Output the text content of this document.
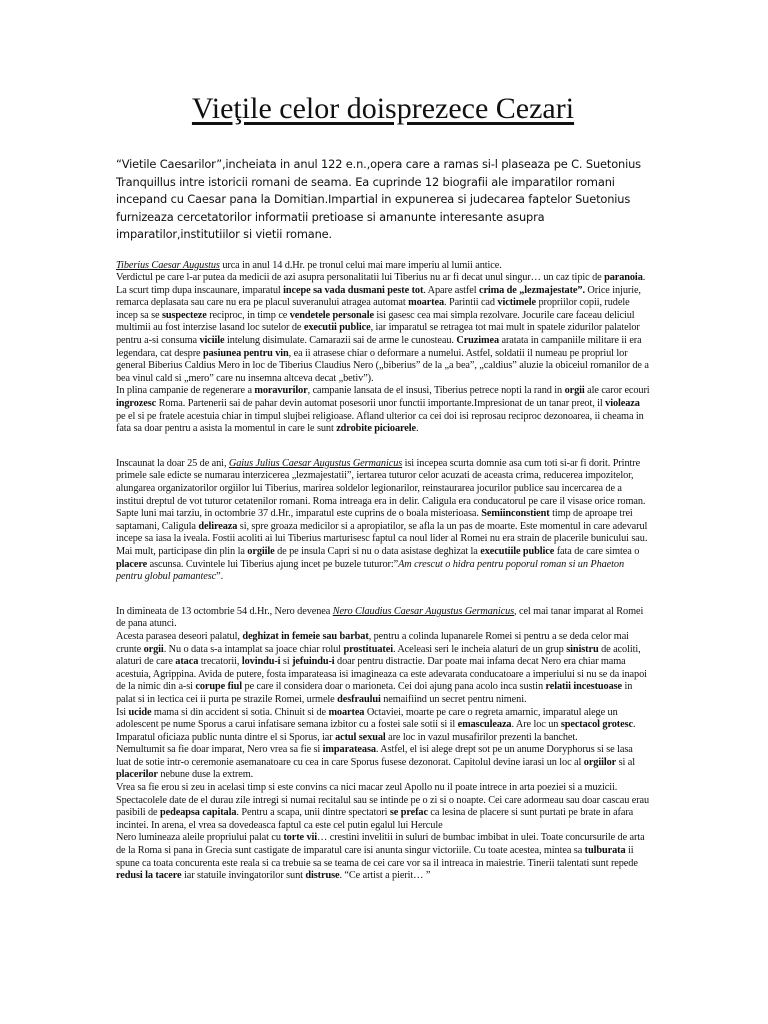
Vieţile celor doisprezece Cezari

“Vietile Caesarilor”,incheiata in anul 122 e.n.,opera care a ramas si-l plaseaza pe C. Suetonius Tranquillus intre istoricii romani de seama. Ea cuprinde 12 biografii ale imparatilor romani incepand cu Caesar pana la Domitian.Impartial in expunerea si judecarea faptelor Suetonius furnizeaza cercetatorilor informatii pretioase si amanunte interesante asupra imparatilor,institutiilor si vietii romane.

Tiberius Caesar Augustus urca in anul 14 d.Hr. pe tronul celui mai mare imperiu al lumii antice.

Verdictul pe care l-ar putea da medicii de azi asupra personalitatii lui Tiberius nu ar fi decat unul singur… un caz tipic de paranoia. La scurt timp dupa inscaunare, imparatul incepe sa vada dusmani peste tot. Apare astfel crima de „lezmajestate”. Orice injurie, remarca deplasata sau care nu era pe placul suveranului atragea automat moartea. Parintii cad victimele propriilor copii, rudele incep sa se suspecteze reciproc, in timp ce vendetele personale isi gasesc cea mai simpla rezolvare. Jocurile care faceau deliciul multimii au fost interzise lasand loc sutelor de executii publice, iar imparatul se retragea tot mai mult in spatele zidurilor palatelor pentru a-si consuma viciile intelung disimulate. Camarazii sai de arme le cunosteau. Cruzimea aratata in campaniile militare ii era legendara, cat despre pasiunea pentru vin, ea ii atrasese chiar o deformare a numelui. Astfel, soldatii il numeau pe propriul lor general Biberius Caldius Mero in loc de Tiberius Claudius Nero („biberius” de la „a bea”, „caldius” aluzie la obiceiul romanilor de a bea vinul cald si „mero” care nu insemna altceva decat „betiv”).

In plina campanie de regenerare a moravurilor, campanie lansata de el insusi, Tiberius petrece nopti la rand in orgii ale caror ecouri ingrozesc Roma. Partenerii sai de pahar devin automat posesorii unor functii importante.Impresionat de un tanar preot, il violeaza pe el si pe fratele acestuia chiar in timpul slujbei religioase. Afland ulterior ca cei doi isi reprosau reciproc dezonoarea, ii cheama in fata sa doar pentru a asista la momentul in care le sunt zdrobite picioarele.

Inscaunat la doar 25 de ani, Gaius Julius Caesar Augustus Germanicus isi incepea scurta domnie asa cum toti si-ar fi dorit. Printre primele sale edicte se numarau interzicerea „lezmajestatii”, iertarea tuturor celor acuzati de aceasta crima, reducerea impozitelor, alungarea organizatorilor orgiilor lui Tiberius, marirea soldelor legionarilor, reinstaurarea jocurilor publice sau incercarea de a institui dreptul de vot tuturor cetatenilor romani. Roma intreaga era in delir. Caligula era conducatorul pe care il visase orice roman.

Sapte luni mai tarziu, in octombrie 37 d.Hr., imparatul este cuprins de o boala misterioasa. Semiinconstient timp de aproape trei saptamani, Caligula delireaza si, spre groaza medicilor si a apropiatilor, se afla la un pas de moarte. Este momentul in care adevarul incepe sa iasa la iveala. Fostii acoliti ai lui Tiberius marturisesc faptul ca noul lider al Romei nu era strain de placerile bunicului sau. Mai mult, participase din plin la orgiile de pe insula Capri si nu o data asistase deghizat la executiile publice fata de care simtea o placere ascunsa. Cuvintele lui Tiberius ajung incet pe buzele tuturor:”Am crescut o hidra pentru poporul roman si un Phaeton pentru globul pamantesc”.

In dimineata de 13 octombrie 54 d.Hr., Nero devenea Nero Claudius Caesar Augustus Germanicus, cel mai tanar imparat al Romei de pana atunci.

Acesta parasea deseori palatul, deghizat in femeie sau barbat, pentru a colinda lupanarele Romei si pentru a se deda celor mai crunte orgii. Nu o data s-a intamplat sa joace chiar rolul prostituatei. Aceleasi seri le incheia alaturi de un grup sinistru de acoliti, alaturi de care ataca trecatorii, lovindu-i si jefuindu-i doar pentru distractie. Dar poate mai infama decat Nero era chiar mama acestuia, Agrippina. Avida de putere, fosta imparateasa isi imagineaza ca este adevarata conducatoare a imperiului si nu se da inapoi de la nimic din a-si corupe fiul pe care il considera doar o marioneta. Cei doi ajung pana acolo inca sustin relatii incestuoase in palat si in lectica cei ii purta pe strazile Romei, urmele desfraului nemaifiind un secret pentru nimeni.

Isi ucide mama si din accident si sotia. Chinuit si de moartea Octaviei, moarte pe care o regreta amarnic, imparatul alege un adolescent pe nume Sporus a carui infatisare semana izbitor cu a fostei sale sotii si il emasculeaza. Are loc un spectacol grotesc. Imparatul oficiaza public nunta dintre el si Sporus, iar actul sexual are loc in vazul musafirilor prezenti la banchet.

Nemultumit sa fie doar imparat, Nero vrea sa fie si imparateasa. Astfel, el isi alege drept sot pe un anume Doryphorus si se lasa luat de sotie intr-o ceremonie asemanatoare cu cea in care Sporus fusese dezonorat. Capitolul devine iarasi un loc al orgiilor si al placerilor nebune duse la extrem.

Vrea sa fie erou si zeu in acelasi timp si este convins ca nici macar zeul Apollo nu il poate intrece in arta poeziei si a muzicii. Spectacolele date de el durau zile intregi si numai recitalul sau se intinde pe o zi si o noapte. Cei care adormeau sau doar cascau erau pasibili de pedeapsa capitala. Pentru a scapa, unii dintre spectatori se prefac ca lesina de placere si sunt purtati pe brate in afara incintei. In arena, el vrea sa dovedeasca faptul ca este cel putin egalul lui Hercule

Nero lumineaza aleile propriului palat cu torte vii… crestini invelitii in suluri de bumbac imbibat in ulei. Toate concursurile de arta de la Roma si pana in Grecia sunt castigate de imparatul care isi anunta singur victoriile. Cu toate acestea, mintea sa tulburata ii spune ca toata concurenta este reala si ca trebuie sa se teama de cei care vor sa il intreaca in maiestrie. Tinerii talentati sunt repede redusi la tacere iar statuile invingatorilor sunt distruse. “Ce artist a pierit… ”
